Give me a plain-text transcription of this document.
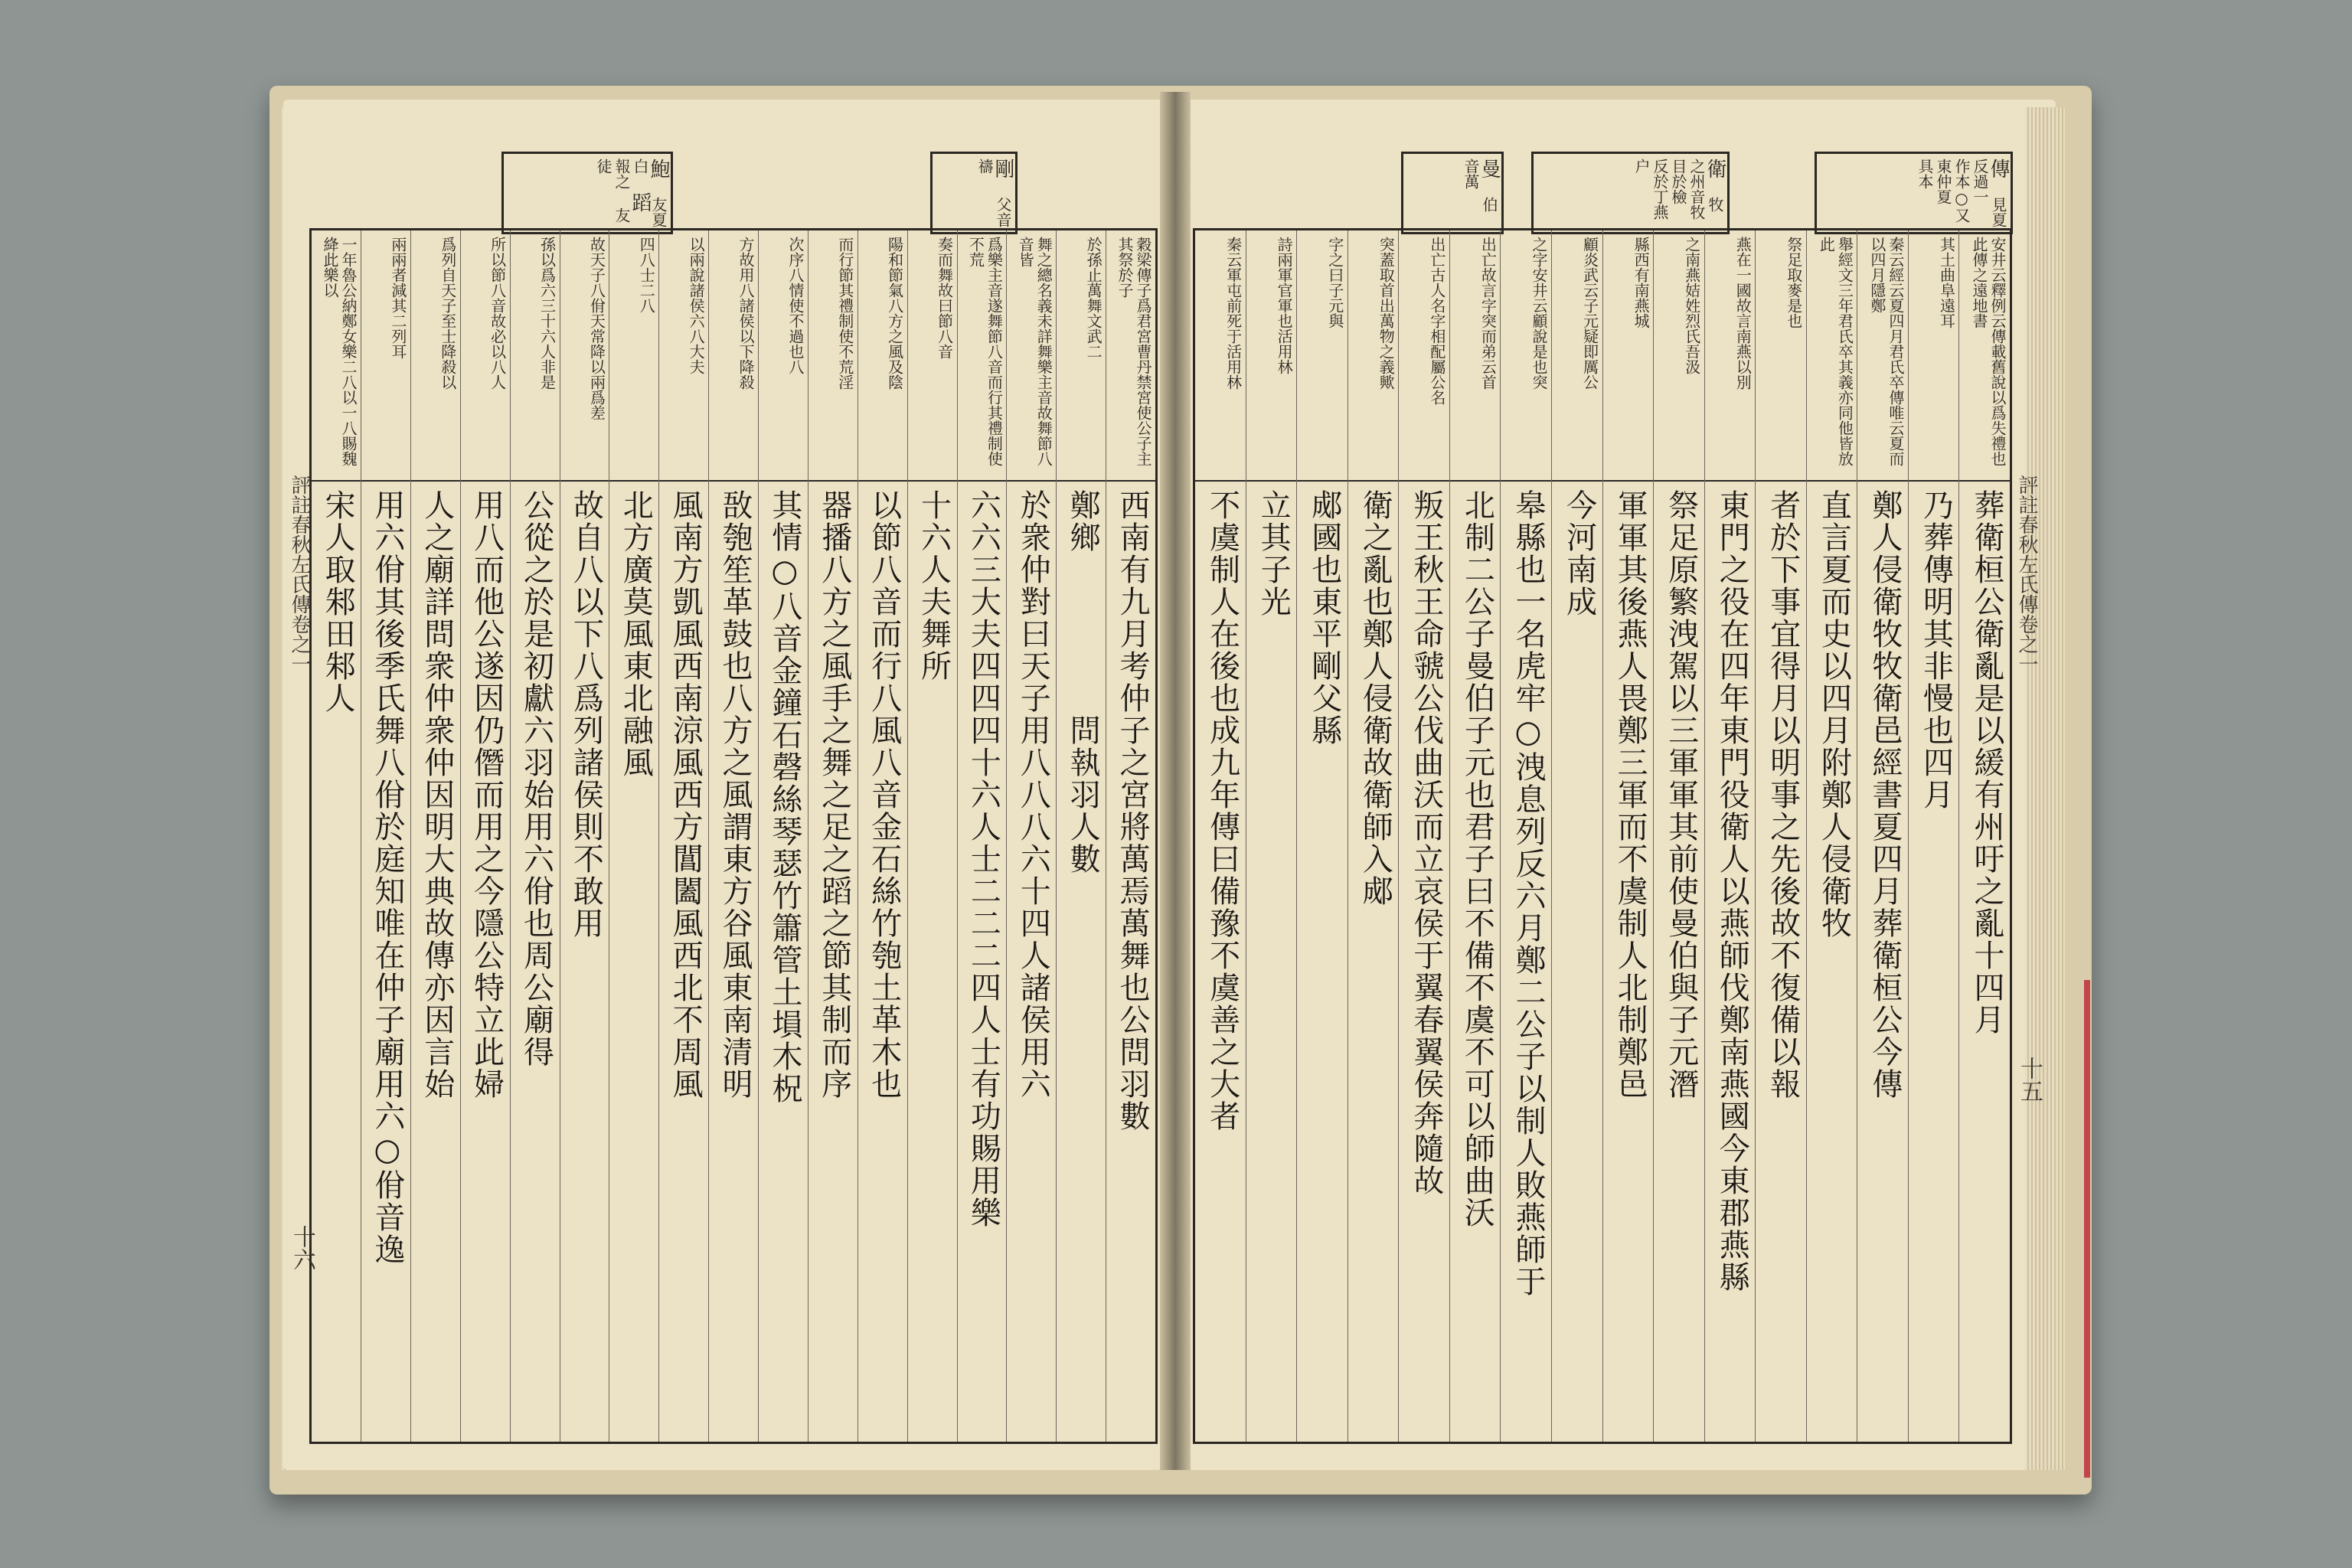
鮑 友夏白 蹈 報之 友徒	剛 父音禱	傳 見夏反過一 作本○又東仲夏 具本
衛 牧 之州音牧目於檢 反於丁燕户
曼 伯 音萬
評註春秋左氏傳卷之一
十六
評註春秋左氏傳卷之一
十五
穀梁傳子爲君宮曹丹禁宮使公子主其祭於子
西南有九月考仲子之宮將萬焉萬舞也公問羽數
於孫止萬舞文武二
鄭鄉　　　　　問執羽人數
舞之總名義未詳舞樂主音故舞節八音皆
於衆仲對曰天子用八八八六十四人諸侯用六
爲樂主音遂舞節八音而行其禮制使不荒
六六三大夫四四四十六人士二二二四人士有功賜用樂
奏而舞故曰節八音
十六人夫舞所
陽和節氣八方之風及陰
以節八音而行八風八音金石絲竹匏土革木也
而行節其禮制使不荒淫
器播八方之風手之舞之足之蹈之節其制而序
次序八情使不過也八
其情○八音金鐘石磬絲琴瑟竹簫管土塤木柷
方故用八諸侯以下降殺
敔匏笙革鼓也八方之風謂東方谷風東南清明
以兩說諸侯六八大夫
風南方凱風西南涼風西方閶闔風西北不周風
四八士二八
北方廣莫風東北融風
故天子八佾天常降以兩爲差
故自八以下八爲列諸侯則不敢用
孫以爲六三十六人非是
公從之於是初獻六羽始用六佾也周公廟得
所以節八音故必以八人
用八而他公遂因仍僭而用之今隱公特立此婦
爲列自天子至士降殺以
人之廟詳問衆仲衆仲因明大典故傳亦因言始
兩兩者減其二列耳
用六佾其後季氏舞八佾於庭知唯在仲子廟用六○佾音逸
一年魯公納鄭女樂二八以一八賜魏絳此樂以
宋人取邾田邾人
安井云釋例云傳載舊說以爲失禮也此傳之遠地書
葬衛桓公衛亂是以緩有州吁之亂十四月
其土曲阜遠耳
乃葬傳明其非慢也四月
秦云經云夏四月君氏卒傳唯云夏而以四月隱鄭
鄭人侵衛牧牧衛邑經書夏四月葬衛桓公今傳
舉經文三年君氏卒其義亦同他皆放此
直言夏而史以四月附鄭人侵衛牧
祭足取麥是也
者於下事宜得月以明事之先後故不復備以報
燕在一國故言南燕以別
東門之役在四年東門役衛人以燕師伐鄭南燕國今東郡燕縣
之南燕姞姓烈氏吾汲
祭足原繁洩駕以三軍軍其前使曼伯與子元潛
縣西有南燕城
軍軍其後燕人畏鄭三軍而不虞制人北制鄭邑
顧炎武云子元疑即厲公
今河南成
之字安井云顧說是也突
皋縣也一名虎牢○洩息列反六月鄭二公子以制人敗燕師于
出亡故言字突而弟云首
北制二公子曼伯子元也君子曰不備不虞不可以師曲沃
出亡古人名字相配屬公名
叛王秋王命虢公伐曲沃而立哀侯于翼春翼侯奔隨故
突蓋取首出萬物之義歟
衛之亂也鄭人侵衛故衛師入郕
字之曰子元與
郕國也東平剛父縣
詩兩軍官軍也活用林
立其子光
秦云軍屯前死于活用林
不虞制人在後也成九年傳曰備豫不虞善之大者
